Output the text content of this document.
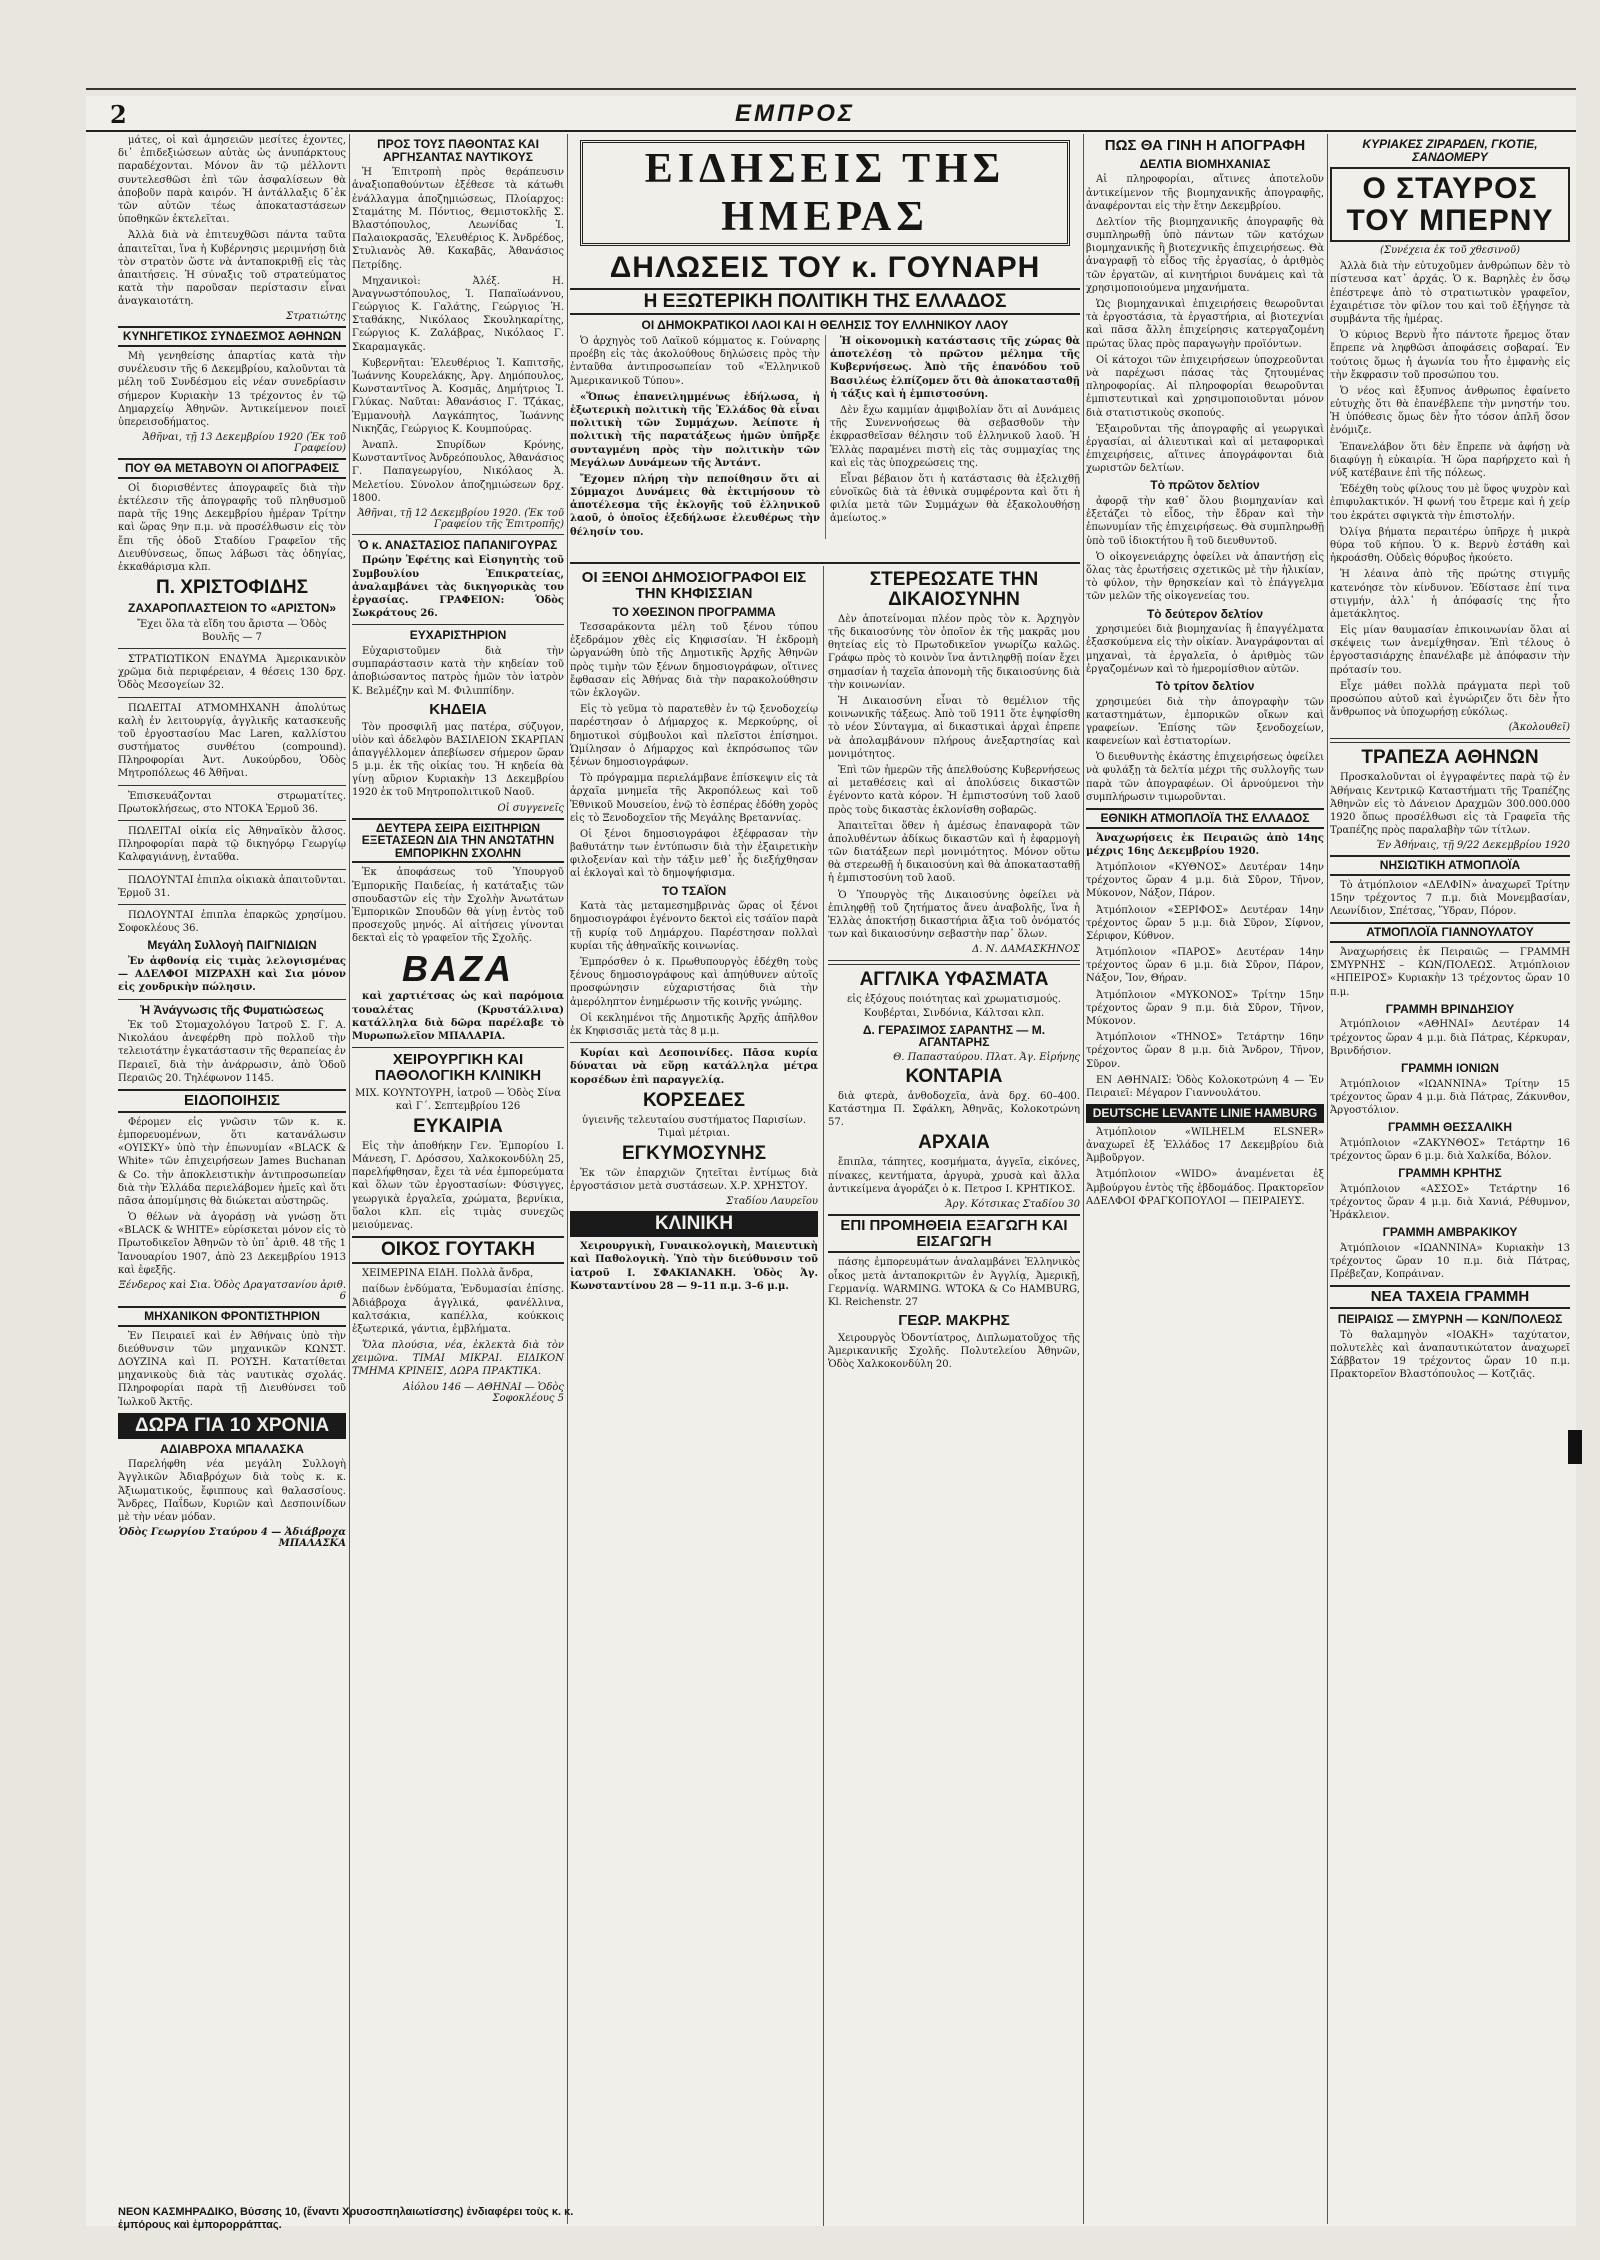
2	ΕΜΠΡΟΣ

μάτες, οἱ καὶ ἀμησειῶν μεσίτες ἐχοντες, δι᾽ ἐπιδεξιώσεων αὐτὰς ὡς ἀνυπάρκτους παραδέχονται. Μόνον ἂν τῷ μέλλοντι συντελεσθῶσι ἐπὶ τῶν ἀσφαλίσεων θὰ ἀποβοῦν παρὰ καιρόν. Ἡ ἀντάλλαξις δ᾽ἐκ τῶν αὐτῶν τέως ἀποκαταστάσεων ὑποθηκῶν ἐκτελεῖται.

Ἀλλὰ διὰ νὰ ἐπιτευχθῶσι πάντα ταῦτα ἀπαιτεῖται, ἵνα ἡ Κυβέρνησις μεριμνήσῃ διὰ τὸν στρατὸν ὥστε νὰ ἀνταποκριθῇ εἰς τὰς ἀπαιτήσεις. Ἡ σύναξις τοῦ στρατεύματος κατὰ τὴν παροῦσαν περίστασιν εἶναι ἀναγκαιοτάτη.

Στρατιώτης
ΚΥΝΗΓΕΤΙΚΟΣ ΣΥΝΔΕΣΜΟΣ ΑΘΗΝΩΝ

Μὴ γενηθείσης ἀπαρτίας κατὰ τὴν συνέλευσιν τῆς 6 Δεκεμβρίου, καλοῦνται τὰ μέλη τοῦ Συνδέσμου εἰς νέαν συνεδρίασιν σήμερον Κυριακὴν 13 τρέχοντος ἐν τῷ Δημαρχείῳ Ἀθηνῶν. Ἀντικείμενον ποιεῖ ὑπερεισοδήματος.

Ἀθῆναι, τῇ 13 Δεκεμβρίου 1920 (Ἐκ τοῦ Γραφείου)
ΠΟΥ ΘΑ ΜΕΤΑΒΟΥΝ ΟΙ ΑΠΟΓΡΑΦΕΙΣ

Οἱ διορισθέντες ἀπογραφεῖς διὰ τὴν ἐκτέλεσιν τῆς ἀπογραφῆς τοῦ πληθυσμοῦ παρὰ τῆς 19ης Δεκεμβρίου ἡμέραν Τρίτην καὶ ὥρας 9ην π.μ. νὰ προσέλθωσιν εἰς τὸν ἔπι τῆς ὁδοῦ Σταδίου Γραφεῖον τῆς Διευθύνσεως, ὅπως λάβωσι τὰς ὁδηγίας, ἐκκαθάρισμα κλπ.

Π. ΧΡΙΣΤΟΦΙΔΗΣ
ΖΑΧΑΡΟΠΛΑΣΤΕΙΟΝ ΤΟ «ΑΡΙΣΤΟΝ»

Ἔχει ὅλα τὰ εἴδη του ἄριστα — Ὁδὸς Βουλῆς — 7

ΣΤΡΑΤΙΩΤΙΚΟΝ ΕΝΔΥΜΑ Ἀμερικανικὸν χρῶμα διὰ περιφέρειαν, 4 θέσεις 130 δρχ. Ὁδὸς Μεσογείων 32.

ΠΩΛΕΙΤΑΙ ΑΤΜΟΜΗΧΑΝΗ ἀπολύτως καλὴ ἐν λειτουργίᾳ, ἀγγλικῆς κατασκευῆς τοῦ ἐργοστασίου Mac Laren, καλλίστου συστήματος συνθέτου (compound). Πληροφορίαι Ἀντ. Λυκούρδου, Ὁδὸς Μητροπόλεως 46 Ἀθῆναι.

Ἐπισκευάζονται στρωματίτες. Πρωτοκλήσεως, στο ΝΤΟΚΑ Ἑρμοῦ 36.

ΠΩΛΕΙΤΑΙ οἰκία εἰς Ἀθηναϊκὸν ἄλσος. Πληροφορίαι παρὰ τῷ δικηγόρῳ Γεωργίῳ Καλφαγιάννῃ, ἐνταῦθα.

ΠΩΛΟΥΝΤΑΙ ἐπιπλα οἰκιακὰ ἀπαιτοῦνται. Ἐρμοῦ 31.

ΠΩΛΟΥΝΤΑΙ ἐπιπλα ἐπαρκῶς χρησίμου. Σοφοκλέους 36.

Μεγάλη Συλλογὴ ΠΑΙΓΝΙΔΙΩΝ

Ἐν ἀφθονίᾳ εἰς τιμὰς λελογισμένας — ΑΔΕΛΦΟΙ ΜΙΖΡΑΧΗ καὶ Σια μόνον εἰς χονδρικὴν πώλησιν.

Ἡ Ἀνάγνωσις τῆς Φυματιώσεως

Ἐκ τοῦ Στομαχολόγου Ἰατροῦ Σ. Γ. Α. Νικολάου ἀνεφέρθη πρὸ πολλοῦ τὴν τελειοτάτην ἐγκατάστασιν τῆς θεραπείας ἐν Περαιεῖ, διὰ τὴν ἀνάρρωσιν, ἀπὸ Ὁδοῦ Περαιῶς 20. Τηλέφωνον 1145.

ΕΙΔΟΠΟΙΗΣΙΣ

Φέρομεν εἰς γνῶσιν τῶν κ. κ. ἐμπορευομένων, ὅτι κατανάλωσιν «ΟΥΙΣΚΥ» ὑπὸ τὴν ἐπωνυμίαν «BLACK & White» τῶν ἐπιχειρήσεων James Buchanan & Co. τὴν ἀποκλειστικὴν ἀντιπροσωπείαν διὰ τὴν Ἑλλάδα περιελάβομεν ἡμεῖς καὶ ὅτι πᾶσα ἀπομίμησις θὰ διώκεται αὐστηρῶς.

Ὁ θέλων νὰ ἀγοράσῃ νὰ γνώσῃ ὅτι «BLACK & WHITE» εὑρίσκεται μόνον εἰς τὸ Πρωτοδικεῖον Ἀθηνῶν τὸ ὑπ᾽ ἀριθ. 48 τῆς 1 Ἰανουαρίου 1907, ἀπὸ 23 Δεκεμβρίου 1913 καὶ ἐφεξῆς.

Ξένδερος καὶ Σια. Ὁδὸς Δραγατσανίου ἀριθ. 6
ΜΗΧΑΝΙΚΟΝ ΦΡΟΝΤΙΣΤΗΡΙΟΝ

Ἐν Πειραιεῖ καὶ ἐν Ἀθήναις ὑπὸ τὴν διεύθυνσιν τῶν μηχανικῶν ΚΩΝΣΤ. ΔΟΥΖΙΝΑ καὶ Π. ΡΟΥΣΗ. Κατατίθεται μηχανικοὺς διὰ τὰς ναυτικὰς σχολάς. Πληροφορίαι παρὰ τῇ Διευθύνσει τοῦ Ἰωλκοῦ Ἀκτῆς.

ΔΩΡΑ ΓΙΑ 10 ΧΡΟΝΙΑ
ΑΔΙΑΒΡΟΧΑ ΜΠΑΛΑΣΚΑ

Παρελήφθη νέα μεγάλη Συλλογὴ Ἀγγλικῶν Ἀδιαβρόχων διὰ τοὺς κ. κ. Ἀξιωματικούς, ἔφιππους καὶ θαλασσίους. Ἄνδρες, Παΐδων, Κυριῶν καὶ Δεσποινίδων μὲ τὴν νέαν μόδαν.

Ὁδὸς Γεωργίου Σταύρου 4 — Ἀδιάβροχα ΜΠΑΛΑΣΚΑ
ΠΡΟΣ ΤΟΥΣ ΠΑΘΟΝΤΑΣ ΚΑΙ ΑΡΓΗΣΑΝΤΑΣ ΝΑΥΤΙΚΟΥΣ

Ἡ Ἐπιτροπὴ πρὸς θεράπευσιν ἀναξιοπαθούντων ἐξέθεσε τὰ κάτωθι ἐνάλλαγμα ἀποζημιώσεως, Πλοίαρχος: Σταμάτης Μ. Πόντιος, Θεμιστοκλῆς Σ. Βλαστόπουλος, Λεωνίδας Ἰ. Παλαιοκρασᾶς, Ἐλευθέριος Κ. Ἀνδρέδος, Στυλιανὸς Ἀθ. Κακαβᾶς, Ἀθανάσιος Πετρίδης.

Μηχανικοὶ: Ἀλέξ. Η. Ἀναγνωστόπουλος, Ἰ. Παπαϊωάννου, Γεώργιος Κ. Γαλάτης, Γεώργιος Ἡ. Σταθάκης, Νικόλαος Σκουληκαρίτης, Γεώργιος Κ. Ζαλάβρας, Νικόλαος Γ. Σκαραμαγκᾶς.

Κυβερνῆται: Ἐλευθέριος Ἰ. Καπιτσῆς, Ἰωάννης Κουρελάκης, Ἀργ. Δημόπουλος, Κωνσταντῖνος Ἀ. Κοσμᾶς, Δημήτριος Ἰ. Γλύκας. Ναῦται: Ἀθανάσιος Γ. Τζάκας, Ἐμμανουὴλ Λαγκάπητος, Ἰωάννης Νικηζᾶς, Γεώργιος Κ. Κουμπούρας.

Ἀναπλ. Σπυρίδων Κρόνης, Κωνσταντῖνος Ἀνδρεόπουλος, Ἀθανάσιος Γ. Παπαγεωργίου, Νικόλαος Ἀ. Μελετίου. Σύνολον ἀποζημιώσεων δρχ. 1800.

Ἀθῆναι, τῇ 12 Δεκεμβρίου 1920. (Ἐκ τοῦ Γραφείου τῆς Ἐπιτροπῆς)
Ὁ κ. ΑΝΑΣΤΑΣΙΟΣ ΠΑΠΑΝΙΓΟΥΡΑΣ

Πρώην Ἐφέτης καὶ Εἰσηγητὴς τοῦ Συμβουλίου Ἐπικρατείας, ἀναλαμβάνει τὰς δικηγορικὰς του ἐργασίας. ΓΡΑΦΕΙΟΝ: Ὁδὸς Σωκράτους 26.

ΕΥΧΑΡΙΣΤΗΡΙΟΝ

Εὐχαριστοῦμεν διὰ τὴν συμπαράστασιν κατὰ τὴν κηδείαν τοῦ ἀποβιώσαντος πατρὸς ἡμῶν τὸν ἰατρὸν Κ. Βελμέζην καὶ Μ. Φιλιππίδην.

ΚΗΔΕΙΑ

Τὸν προσφιλῆ μας πατέρα, σύζυγον, υἱὸν καὶ ἀδελφὸν ΒΑΣΙΛΕΙΟΝ ΣΚΑΡΠΑΝ ἀπαγγέλλομεν ἀπεβίωσεν σήμερον ὥραν 5 μ.μ. ἐκ τῆς οἰκίας του. Ἡ κηδεία θὰ γίνῃ αὔριον Κυριακὴν 13 Δεκεμβρίου 1920 ἐκ τοῦ Μητροπολιτικοῦ Ναοῦ.

Οἱ συγγενεῖς
ΔΕΥΤΕΡΑ ΣΕΙΡΑ ΕΙΣΙΤΗΡΙΩΝ ΕΞΕΤΑΣΕΩΝ ΔΙΑ ΤΗΝ ΑΝΩΤΑΤΗΝ ΕΜΠΟΡΙΚΗΝ ΣΧΟΛΗΝ

Ἐκ ἀποφάσεως τοῦ Ὑπουργοῦ Ἐμπορικῆς Παιδείας, ἡ κατάταξις τῶν σπουδαστῶν εἰς τὴν Σχολὴν Ἀνωτάτων Ἐμπορικῶν Σπουδῶν θὰ γίνῃ ἐντὸς τοῦ προσεχοῦς μηνός. Αἱ αἰτήσεις γίνονται δεκταὶ εἰς τὸ γραφεῖον τῆς Σχολῆς.

BAZA

καὶ χαρτιέτσας ὡς καὶ παρόμοια τουαλέτας (Κρυστάλλινα) κατάλληλα διὰ δῶρα παρέλαβε τὸ Μυρωπωλεῖον ΜΠΑΛΑΡΙΑ.

ΧΕΙΡΟΥΡΓΙΚΗ ΚΑΙ ΠΑΘΟΛΟΓΙΚΗ ΚΛΙΝΙΚΗ

ΜΙΧ. ΚΟΥΝΤΟΥΡΗ, ἰατροῦ — Ὁδὸς Σίνα καὶ Γ΄. Σεπτεμβρίου 126

ΕΥΚΑΙΡΙΑ

Εἰς τὴν ἀποθήκην Γεν. Ἐμπορίου Ι. Μάνεση, Γ. Δρόσσου, Χαλκοκονδύλη 25, παρελήφθησαν, ἔχει τὰ νέα ἐμπορεύματα καὶ ὅλων τῶν ἐργοστασίων: Φύσιγγες, γεωργικὰ ἐργαλεῖα, χρώματα, βερνίκια, ὕαλοι κλπ. εἰς τιμὰς συνεχῶς μειούμενας.

ΟΙΚΟΣ ΓΟΥΤΑΚΗ

ΧΕΙΜΕΡΙΝΑ ΕΙΔΗ. Πολλὰ ἄνδρα,

παίδων ἐνδύματα, Ἐνδυμασίαι ἐπίσης. Ἀδιάβροχα ἀγγλικά, φανέλλινα, καλτσάκια, καπέλλα, κούκκοις ἐξωτερικά, γάντια, ἐμβλήματα.

Ὅλα πλούσια, νέα, ἐκλεκτὰ διὰ τὸν χειμῶνα. ΤΙΜΑΙ ΜΙΚΡΑΙ. ΕΙΔΙΚΟΝ ΤΜΗΜΑ ΚΡΙΝΕΙΣ, ΔΩΡΑ ΠΡΑΚΤΙΚΑ.

Αἰόλου 146 — ΑΘΗΝΑΙ — Ὁδὸς Σοφοκλέους 5
ΕΙΔΗΣΕΙΣ ΤΗΣ ΗΜΕΡΑΣ
ΔΗΛΩΣΕΙΣ ΤΟΥ κ. ΓΟΥΝΑΡΗ
Η ΕΞΩΤΕΡΙΚΗ ΠΟΛΙΤΙΚΗ ΤΗΣ ΕΛΛΑΔΟΣ
ΟΙ ΔΗΜΟΚΡΑΤΙΚΟΙ ΛΑΟΙ ΚΑΙ Η ΘΕΛΗΣΙΣ ΤΟΥ ΕΛΛΗΝΙΚΟΥ ΛΑΟΥ

Ὁ ἀρχηγὸς τοῦ Λαϊκοῦ κόμματος κ. Γούναρης προέβη εἰς τὰς ἀκολούθους δηλώσεις πρὸς τὴν ἐνταῦθα ἀντιπροσωπείαν τοῦ «Ἑλληνικοῦ Ἀμερικανικοῦ Τύπου».

«Ὅπως ἐπανειλημμένως ἐδήλωσα, ἡ ἐξωτερικὴ πολιτικὴ τῆς Ἑλλάδος θὰ εἶναι πολιτικὴ τῶν Συμμάχων. Ἀείποτε ἡ πολιτικὴ τῆς παρατάξεως ἡμῶν ὑπῆρξε συνταγμένη πρὸς τὴν πολιτικὴν τῶν Μεγάλων Δυνάμεων τῆς Ἀντάντ.

Ἔχομεν πλήρη τὴν πεποίθησιν ὅτι αἱ Σύμμαχοι Δυνάμεις θὰ ἐκτιμήσουν τὸ ἀποτέλεσμα τῆς ἐκλογῆς τοῦ ἑλληνικοῦ λαοῦ, ὁ ὁποῖος ἐξεδήλωσε ἐλευθέρως τὴν θέλησίν του.

Ἡ οἰκονομικὴ κατάστασις τῆς χώρας θὰ ἀποτελέσῃ τὸ πρῶτον μέλημα τῆς Κυβερνήσεως. Ἀπὸ τῆς ἐπανόδου τοῦ Βασιλέως ἐλπίζομεν ὅτι θὰ ἀποκατασταθῇ ἡ τάξις καὶ ἡ ἐμπιστοσύνη.

Δὲν ἔχω καμμίαν ἀμφιβολίαν ὅτι αἱ Δυνάμεις τῆς Συνεννοήσεως θὰ σεβασθοῦν τὴν ἐκφρασθεῖσαν θέλησιν τοῦ ἑλληνικοῦ λαοῦ. Ἡ Ἑλλὰς παραμένει πιστὴ εἰς τὰς συμμαχίας της καὶ εἰς τὰς ὑποχρεώσεις της.

Εἶναι βέβαιον ὅτι ἡ κατάστασις θὰ ἐξελιχθῇ εὐνοϊκῶς διὰ τὰ ἐθνικὰ συμφέροντα καὶ ὅτι ἡ φιλία μετὰ τῶν Συμμάχων θὰ ἐξακολουθήσῃ ἀμείωτος.»

ΟΙ ΞΕΝΟΙ ΔΗΜΟΣΙΟΓΡΑΦΟΙ ΕΙΣ ΤΗΝ ΚΗΦΙΣΣΙΑΝ
ΤΟ ΧΘΕΣΙΝΟΝ ΠΡΟΓΡΑΜΜΑ

Τεσσαράκοντα μέλη τοῦ ξένου τύπου ἐξεδράμον χθὲς εἰς Κηφισσίαν. Ἡ ἐκδρομὴ ὡργανώθη ὑπὸ τῆς Δημοτικῆς Ἀρχῆς Ἀθηνῶν πρὸς τιμὴν τῶν ξένων δημοσιογράφων, οἵτινες ἔφθασαν εἰς Ἀθήνας διὰ τὴν παρακολούθησιν τῶν ἐκλογῶν.

Εἰς τὸ γεῦμα τὸ παρατεθὲν ἐν τῷ ξενοδοχείῳ παρέστησαν ὁ Δήμαρχος κ. Μερκούρης, οἱ δημοτικοὶ σύμβουλοι καὶ πλεῖστοι ἐπίσημοι. Ὡμίλησαν ὁ Δήμαρχος καὶ ἐκπρόσωπος τῶν ξένων δημοσιογράφων.

Τὸ πρόγραμμα περιελάμβανε ἐπίσκεψιν εἰς τὰ ἀρχαῖα μνημεῖα τῆς Ἀκροπόλεως καὶ τοῦ Ἐθνικοῦ Μουσείου, ἐνῷ τὸ ἑσπέρας ἐδόθη χορὸς εἰς τὸ Ξενοδοχεῖον τῆς Μεγάλης Βρεταννίας.

Οἱ ξένοι δημοσιογράφοι ἐξέφρασαν τὴν βαθυτάτην των ἐντύπωσιν διὰ τὴν ἐξαιρετικὴν φιλοξενίαν καὶ τὴν τάξιν μεθ᾽ ἧς διεξήχθησαν αἱ ἐκλογαὶ καὶ τὸ δημοψήφισμα.

ΤΟ ΤΣΑΪΟΝ

Κατὰ τὰς μεταμεσημβρινὰς ὥρας οἱ ξένοι δημοσιογράφοι ἐγένοντο δεκτοὶ εἰς τσάϊον παρὰ τῇ κυρίᾳ τοῦ Δημάρχου. Παρέστησαν πολλαὶ κυρίαι τῆς ἀθηναϊκῆς κοινωνίας.

Ἐμπρόσθεν ὁ κ. Πρωθυπουργὸς ἐδέχθη τοὺς ξένους δημοσιογράφους καὶ ἀπηύθυνεν αὐτοῖς προσφώνησιν εὐχαριστήσας διὰ τὴν ἀμερόληπτον ἐνημέρωσιν τῆς κοινῆς γνώμης.

Οἱ κεκλημένοι τῆς Δημοτικῆς Ἀρχῆς ἀπῆλθον ἐκ Κηφισσιᾶς μετὰ τὰς 8 μ.μ.

Κυρίαι καὶ Δεσποινίδες. Πᾶσα κυρία δύναται νὰ εὕρῃ κατάλληλα μέτρα κορσέδων ἐπὶ παραγγελίᾳ.

ΚΟΡΣΕΔΕΣ

ὑγιεινῆς τελευταίου συστήματος Παρισίων. Τιμαὶ μέτριαι.

ΕΓΚΥΜΟΣΥΝΗΣ

Ἐκ τῶν ἐπαρχιῶν ζητεῖται ἐντίμως διὰ ἐργοστάσιον μετὰ συστάσεων. Χ.Ρ. ΧΡΗΣΤΟΥ.

Σταδίου Λαυρεῖου
ΚΛΙΝΙΚΗ

Χειρουργικὴ, Γυναικολογικὴ, Μαιευτικὴ καὶ Παθολογικὴ. Ὑπὸ τὴν διεύθυνσιν τοῦ ἰατροῦ Ι. ΣΦΑΚΙΑΝΑΚΗ. Ὁδὸς Ἀγ. Κωνσταντίνου 28 — 9–11 π.μ. 3–6 μ.μ.

ΣΤΕΡΕΩΣΑΤΕ ΤΗΝ ΔΙΚΑΙΟΣΥΝΗΝ

Δὲν ἀποτείνομαι πλέον πρὸς τὸν κ. Ἀρχηγὸν τῆς δικαιοσύνης τὸν ὁποῖον ἐκ τῆς μακρᾶς μου θητείας εἰς τὸ Πρωτοδικεῖον γνωρίζω καλῶς. Γράφω πρὸς τὸ κοινὸν ἵνα ἀντιληφθῇ ποίαν ἔχει σημασίαν ἡ ταχεῖα ἀπονομὴ τῆς δικαιοσύνης διὰ τὴν κοινωνίαν.

Ἡ Δικαιοσύνη εἶναι τὸ θεμέλιον τῆς κοινωνικῆς τάξεως. Ἀπὸ τοῦ 1911 ὅτε ἐψηφίσθη τὸ νέον Σύνταγμα, αἱ δικαστικαὶ ἀρχαὶ ἐπρεπε νὰ ἀπολαμβάνουν πλήρους ἀνεξαρτησίας καὶ μονιμότητος.

Ἐπὶ τῶν ἡμερῶν τῆς ἀπελθούσης Κυβερνήσεως αἱ μεταθέσεις καὶ αἱ ἀπολύσεις δικαστῶν ἐγένοντο κατὰ κόρον. Ἡ ἐμπιστοσύνη τοῦ λαοῦ πρὸς τοὺς δικαστὰς ἐκλονίσθη σοβαρῶς.

Ἀπαιτεῖται ὅθεν ἡ ἀμέσως ἐπαναφορὰ τῶν ἀπολυθέντων ἀδίκως δικαστῶν καὶ ἡ ἐφαρμογὴ τῶν διατάξεων περὶ μονιμότητος. Μόνον οὕτω θὰ στερεωθῇ ἡ δικαιοσύνη καὶ θὰ ἀποκατασταθῇ ἡ ἐμπιστοσύνη τοῦ λαοῦ.

Ὁ Ὑπουργὸς τῆς Δικαιοσύνης ὀφείλει νὰ ἐπιληφθῇ τοῦ ζητήματος ἄνευ ἀναβολῆς, ἵνα ἡ Ἑλλὰς ἀποκτήσῃ δικαστήρια ἄξια τοῦ ὀνόματός των καὶ δικαιοσύνην σεβαστὴν παρ᾽ ὅλων.

Δ. Ν. ΔΑΜΑΣΚΗΝΟΣ
ΑΓΓΛΙΚΑ ΥΦΑΣΜΑΤΑ

εἰς ἐξόχους ποιότητας καὶ χρωματισμούς. Κουβέρται, Σινδόνια, Κάλτσαι κλπ.

Δ. ΓΕΡΑΣΙΜΟΣ ΣΑΡΑΝΤΗΣ — Μ. ΑΓΑΝΤΑΡΗΣ
Θ. Παπασταύρου. Πλατ. Ἀγ. Εἰρήνης
ΚΟΝΤΑΡΙΑ

διὰ φτερὰ, ἀνθοδοχεῖα, ἀνὰ δρχ. 60–400. Κατάστημα Π. Σφάλκη, Ἀθηνᾶς, Κολοκοτρώνη 57.

ΑΡΧΑΙΑ

ἔπιπλα, τάπητες, κοσμήματα, ἀγγεῖα, εἰκόνες, πίνακες, κεντήματα, ἀργυρὰ, χρυσὰ καὶ ἄλλα ἀντικείμενα ἀγοράζει ὁ κ. Πετροσ Ι. ΚΡΗΤΙΚΟΣ.

Ἀργ. Κότσικας Σταδίου 30
ΕΠΙ ΠΡΟΜΗΘΕΙΑ ΕΞΑΓΩΓΗ ΚΑΙ ΕΙΣΑΓΩΓΗ

πάσης ἐμπορευμάτων ἀναλαμβάνει Ἑλληνικὸς οἶκος μετὰ ἀνταποκριτῶν ἐν Ἀγγλίᾳ, Ἀμερικῇ, Γερμανίᾳ. WARMING. WTOKA & Co HAMBURG, Kl. Reichenstr. 27

ΓΕΩΡ. ΜΑΚΡΗΣ

Χειρουργὸς Ὀδοντίατρος, Διπλωματοῦχος τῆς Ἀμερικανικῆς Σχολῆς. Πολυτελείου Ἀθηνῶν, Ὁδὸς Χαλκοκονδύλη 20.

ΠΩΣ ΘΑ ΓΙΝΗ Η ΑΠΟΓΡΑΦΗ
ΔΕΛΤΙΑ ΒΙΟΜΗΧΑΝΙΑΣ

Αἱ πληροφορίαι, αἵτινες ἀποτελοῦν ἀντικείμενον τῆς βιομηχανικῆς ἀπογραφῆς, ἀναφέρονται εἰς τὴν ἔτην Δεκεμβρίου.

Δελτίον τῆς βιομηχανικῆς ἀπογραφῆς θὰ συμπληρωθῇ ὑπὸ πάντων τῶν κατόχων βιομηχανικῆς ἢ βιοτεχνικῆς ἐπιχειρήσεως. Θὰ ἀναγραφῇ τὸ εἶδος τῆς ἐργασίας, ὁ ἀριθμὸς τῶν ἐργατῶν, αἱ κινητήριοι δυνάμεις καὶ τὰ χρησιμοποιούμενα μηχανήματα.

Ὡς βιομηχανικαὶ ἐπιχειρήσεις θεωροῦνται τὰ ἐργοστάσια, τὰ ἐργαστήρια, αἱ βιοτεχνίαι καὶ πᾶσα ἄλλη ἐπιχείρησις κατεργαζομένη πρώτας ὕλας πρὸς παραγωγὴν προϊόντων.

Οἱ κάτοχοι τῶν ἐπιχειρήσεων ὑποχρεοῦνται νὰ παρέχωσι πάσας τὰς ζητουμένας πληροφορίας. Αἱ πληροφορίαι θεωροῦνται ἐμπιστευτικαὶ καὶ χρησιμοποιοῦνται μόνον διὰ στατιστικοὺς σκοπούς.

Ἐξαιροῦνται τῆς ἀπογραφῆς αἱ γεωργικαὶ ἐργασίαι, αἱ ἁλιευτικαὶ καὶ αἱ μεταφορικαὶ ἐπιχειρήσεις, αἵτινες ἀπογράφονται διὰ χωριστῶν δελτίων.

Τὸ πρῶτον δελτίον

ἀφορᾷ τὴν καθ᾽ ὅλου βιομηχανίαν καὶ ἐξετάζει τὸ εἶδος, τὴν ἔδραν καὶ τὴν ἐπωνυμίαν τῆς ἐπιχειρήσεως. Θὰ συμπληρωθῇ ὑπὸ τοῦ ἰδιοκτήτου ἢ τοῦ διευθυντοῦ.

Ὁ οἰκογενειάρχης ὀφείλει νὰ ἀπαντήσῃ εἰς ὅλας τὰς ἐρωτήσεις σχετικῶς μὲ τὴν ἡλικίαν, τὸ φύλον, τὴν θρησκείαν καὶ τὸ ἐπάγγελμα τῶν μελῶν τῆς οἰκογενείας του.

Τὸ δεύτερον δελτίον

χρησιμεύει διὰ βιομηχανίας ἢ ἐπαγγέλματα ἐξασκούμενα εἰς τὴν οἰκίαν. Ἀναγράφονται αἱ μηχαναὶ, τὰ ἐργαλεῖα, ὁ ἀριθμὸς τῶν ἐργαζομένων καὶ τὸ ἡμερομίσθιον αὐτῶν.

Τὸ τρίτον δελτίον

χρησιμεύει διὰ τὴν ἀπογραφὴν τῶν καταστημάτων, ἐμπορικῶν οἴκων καὶ γραφείων. Ἐπίσης τῶν ξενοδοχείων, καφενείων καὶ ἐστιατορίων.

Ὁ διευθυντὴς ἐκάστης ἐπιχειρήσεως ὀφείλει νὰ φυλάξῃ τὰ δελτία μέχρι τῆς συλλογῆς των παρὰ τῶν ἀπογραφέων. Οἱ ἀρνούμενοι τὴν συμπλήρωσιν τιμωροῦνται.

ΕΘΝΙΚΗ ΑΤΜΟΠΛΟΪΑ ΤΗΣ ΕΛΛΑΔΟΣ

Ἀναχωρήσεις ἐκ Πειραιῶς ἀπὸ 14ης μέχρις 16ης Δεκεμβρίου 1920.

Ἀτμόπλοιον «ΚΥΘΝΟΣ» Δευτέραν 14ην τρέχοντος ὥραν 4 μ.μ. διὰ Σῦρον, Τῆνον, Μύκονον, Νάξον, Πάρον.

Ἀτμόπλοιον «ΣΕΡΙΦΟΣ» Δευτέραν 14ην τρέχοντος ὥραν 5 μ.μ. διὰ Σῦρον, Σίφνον, Σέριφον, Κύθνον.

Ἀτμόπλοιον «ΠΑΡΟΣ» Δευτέραν 14ην τρέχοντος ὥραν 6 μ.μ. διὰ Σῦρον, Πάρον, Νάξον, Ἴον, Θήραν.

Ἀτμόπλοιον «ΜΥΚΟΝΟΣ» Τρίτην 15ην τρέχοντος ὥραν 9 π.μ. διὰ Σῦρον, Τῆνον, Μύκονον.

Ἀτμόπλοιον «ΤΗΝΟΣ» Τετάρτην 16ην τρέχοντος ὥραν 8 μ.μ. διὰ Ἄνδρον, Τῆνον, Σῦρον.

ΕΝ ΑΘΗΝΑΙΣ: Ὁδὸς Κολοκοτρώνη 4 — Ἐν Πειραιεῖ: Μέγαρον Γιαννουλάτου.

DEUTSCHE LEVANTE LINIE HAMBURG

Ἀτμόπλοιον «WILHELM ELSNER» ἀναχωρεῖ ἐξ Ἑλλάδος 17 Δεκεμβρίου διὰ Ἀμβοῦργον.

Ἀτμόπλοιον «WIDO» ἀναμένεται ἐξ Ἀμβούργου ἐντὸς τῆς ἑβδομάδος. Πρακτορεῖον ΑΔΕΛΦΟΙ ΦΡΑΓΚΟΠΟΥΛΟΙ — ΠΕΙΡΑΙΕΥΣ.

ΚΥΡΙΑΚΕΣ ΖΙΡΑΡΔΕΝ, ΓΚΟΤΙΕ, ΣΑΝΔΟΜΕΡΥ
Ο ΣΤΑΥΡΟΣ ΤΟΥ ΜΠΕΡΝΥ
(Συνέχεια ἐκ τοῦ χθεσινοῦ)

Ἀλλὰ διὰ τὴν εὐτυχοῦμεν ἀνθρώπων δὲν τὸ πίστευσα κατ᾽ ἀρχάς. Ὁ κ. Βαρηλὲς ἐν ὅσῳ ἐπέστρεψε ἀπὸ τὸ στρατιωτικὸν γραφεῖον, ἐχαιρέτισε τὸν φίλον του καὶ τοῦ ἐξήγησε τὰ συμβάντα τῆς ἡμέρας.

Ὁ κύριος Βερνὺ ἦτο πάντοτε ἤρεμος ὅταν ἔπρεπε νὰ ληφθῶσι ἀποφάσεις σοβαραί. Ἐν τούτοις ὅμως ἡ ἀγωνία του ἦτο ἐμφανὴς εἰς τὴν ἔκφρασιν τοῦ προσώπου του.

Ὁ νέος καὶ ἔξυπνος ἀνθρωπος ἐφαίνετο εὐτυχὴς ὅτι θὰ ἐπανέβλεπε τὴν μνηστήν του. Ἡ ὑπόθεσις ὅμως δὲν ἦτο τόσον ἁπλῆ ὅσον ἐνόμιζε.

Ἐπανελάβον ὅτι δὲν ἔπρεπε νὰ ἀφήσῃ νὰ διαφύγῃ ἡ εὐκαιρία. Ἡ ὥρα παρήρχετο καὶ ἡ νύξ κατέβαινε ἐπὶ τῆς πόλεως.

Ἐδέχθη τοὺς φίλους του μὲ ὕφος ψυχρὸν καὶ ἐπιφυλακτικόν. Ἡ φωνή του ἔτρεμε καὶ ἡ χείρ του ἐκράτει σφιγκτὰ τὴν ἐπιστολήν.

Ὀλίγα βήματα περαιτέρω ὑπῆρχε ἡ μικρὰ θύρα τοῦ κήπου. Ὁ κ. Βερνὺ ἐστάθη καὶ ἠκροάσθη. Οὐδεὶς θόρυβος ἠκούετο.

Ἡ λέαινα ἀπὸ τῆς πρώτης στιγμῆς κατενόησε τὸν κίνδυνον. Ἐδίστασε ἐπί τινα στιγμήν, ἀλλ᾽ ἡ ἀπόφασίς της ἦτο ἀμετάκλητος.

Εἰς μίαν θαυμασίαν ἐπικοινωνίαν ὅλαι αἱ σκέψεις των ἀνεμίχθησαν. Ἐπὶ τέλους ὁ ἐργοστασιάρχης ἐπανέλαβε μὲ ἀπόφασιν τὴν πρότασίν του.

Εἶχε μάθει πολλὰ πράγματα περὶ τοῦ προσώπου αὐτοῦ καὶ ἐγνώριζεν ὅτι δὲν ἦτο ἄνθρωπος νὰ ὑποχωρήσῃ εὐκόλως.

(Ἀκολουθεῖ)
ΤΡΑΠΕΖΑ ΑΘΗΝΩΝ

Προσκαλοῦνται οἱ ἐγγραφέντες παρὰ τῷ ἐν Ἀθήναις Κεντρικῷ Καταστήματι τῆς Τραπέζης Ἀθηνῶν εἰς τὸ Δάνειον Δραχμῶν 300.000.000 1920 ὅπως προσέλθωσι εἰς τὰ Γραφεῖα τῆς Τραπέζης πρὸς παραλαβὴν τῶν τίτλων.

Ἐν Ἀθήναις, τῇ 9/22 Δεκεμβρίου 1920
ΝΗΣΙΩΤΙΚΗ ΑΤΜΟΠΛΟΪΑ

Τὸ ἀτμόπλοιον «ΔΕΛΦΙΝ» ἀναχωρεῖ Τρίτην 15ην τρέχοντος 7 π.μ. διὰ Μονεμβασίαν, Λεωνίδιον, Σπέτσας, Ὕδραν, Πόρον.

ΑΤΜΟΠΛΟΪΑ ΓΙΑΝΝΟΥΛΑΤΟΥ

Ἀναχωρήσεις ἐκ Πειραιῶς — ΓΡΑΜΜΗ ΣΜΥΡΝΗΣ – ΚΩΝ/ΠΟΛΕΩΣ. Ἀτμόπλοιον «ΗΠΕΙΡΟΣ» Κυριακὴν 13 τρέχοντος ὥραν 10 π.μ.

ΓΡΑΜΜΗ ΒΡΙΝΔΗΣΙΟΥ

Ἀτμόπλοιον «ΑΘΗΝΑΙ» Δευτέραν 14 τρέχοντος ὥραν 4 μ.μ. διὰ Πάτρας, Κέρκυραν, Βρινδήσιον.

ΓΡΑΜΜΗ ΙΟΝΙΩΝ

Ἀτμόπλοιον «ΙΩΑΝΝΙΝΑ» Τρίτην 15 τρέχοντος ὥραν 4 μ.μ. διὰ Πάτρας, Ζάκυνθον, Ἀργοστόλιον.

ΓΡΑΜΜΗ ΘΕΣΣΑΛΙΚΗ

Ἀτμόπλοιον «ΖΑΚΥΝΘΟΣ» Τετάρτην 16 τρέχοντος ὥραν 6 μ.μ. διὰ Χαλκίδα, Βόλον.

ΓΡΑΜΜΗ ΚΡΗΤΗΣ

Ἀτμόπλοιον «ΑΣΣΟΣ» Τετάρτην 16 τρέχοντος ὥραν 4 μ.μ. διὰ Χανιά, Ρέθυμνον, Ἡράκλειον.

ΓΡΑΜΜΗ ΑΜΒΡΑΚΙΚΟΥ

Ἀτμόπλοιον «ΙΩΑΝΝΙΝΑ» Κυριακὴν 13 τρέχοντος ὥραν 10 π.μ. διὰ Πάτρας, Πρέβεζαν, Κοπράιναν.

ΝΕΑ ΤΑΧΕΙΑ ΓΡΑΜΜΗ
ΠΕΙΡΑΙΩΣ — ΣΜΥΡΝΗ — ΚΩΝ/ΠΟΛΕΩΣ

Τὸ θαλαμηγὸν «ΙΟΑΚΗ» ταχύτατον, πολυτελὲς καὶ ἀναπαυτικώτατον ἀναχωρεῖ Σάββατον 19 τρέχοντος ὥραν 10 π.μ. Πρακτορεῖον Βλαστόπουλος — Κοτζιᾶς.

ΝΕΟΝ ΚΑΣΜΗΡΑΔΙΚΟ, Βύσσης 10, (ἔναντι Χρυσοσπηλαιωτίσσης) ἐνδιαφέρει τοὺς κ. κ. ἐμπόρους καὶ ἐμπορορράπτας.
